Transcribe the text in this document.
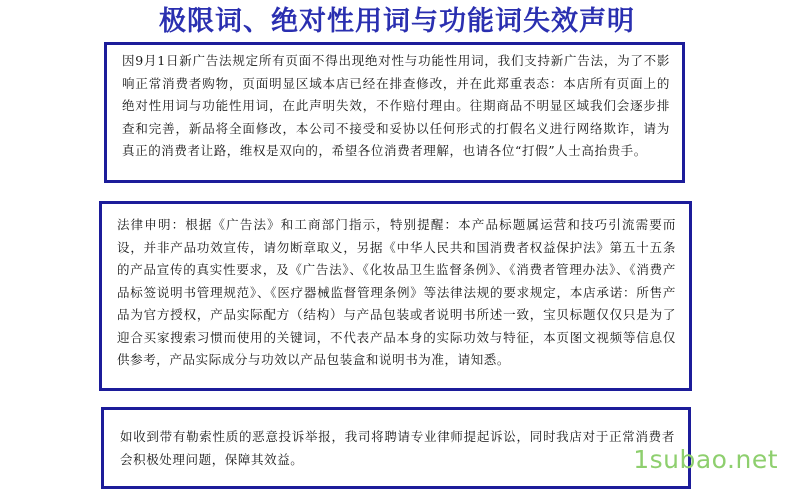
极限词、绝对性用词与功能词失效声明

因9月1日新广告法规定所有页面不得出现绝对性与功能性用词，我们支持新广告法，为了不影响正常消费者购物，页面明显区域本店已经在排查修改，并在此郑重表态：本店所有页面上的绝对性用词与功能性用词，在此声明失效，不作赔付理由。往期商品不明显区域我们会逐步排查和完善，新品将全面修改，本公司不接受和妥协以任何形式的打假名义进行网络欺诈，请为真正的消费者让路，维权是双向的，希望各位消费者理解，也请各位“打假”人士高抬贵手。

法律申明：根据《广告法》和工商部门指示，特别提醒：本产品标题属运营和技巧引流需要而设，并非产品功效宣传，请勿断章取义，另据《中华人民共和国消费者权益保护法》第五十五条的产品宣传的真实性要求，及《广告法》、《化妆品卫生监督条例》、《消费者管理办法》、《消费产品标签说明书管理规范》、《医疗器械监督管理条例》等法律法规的要求规定，本店承诺：所售产品为官方授权，产品实际配方（结构）与产品包装或者说明书所述一致，宝贝标题仅仅只是为了迎合买家搜索习惯而使用的关键词，不代表产品本身的实际功效与特征，本页图文视频等信息仅供参考，产品实际成分与功效以产品包装盒和说明书为准，请知悉。

如收到带有勒索性质的恶意投诉举报，我司将聘请专业律师提起诉讼，同时我店对于正常消费者会积极处理问题，保障其效益。	1subao.net
